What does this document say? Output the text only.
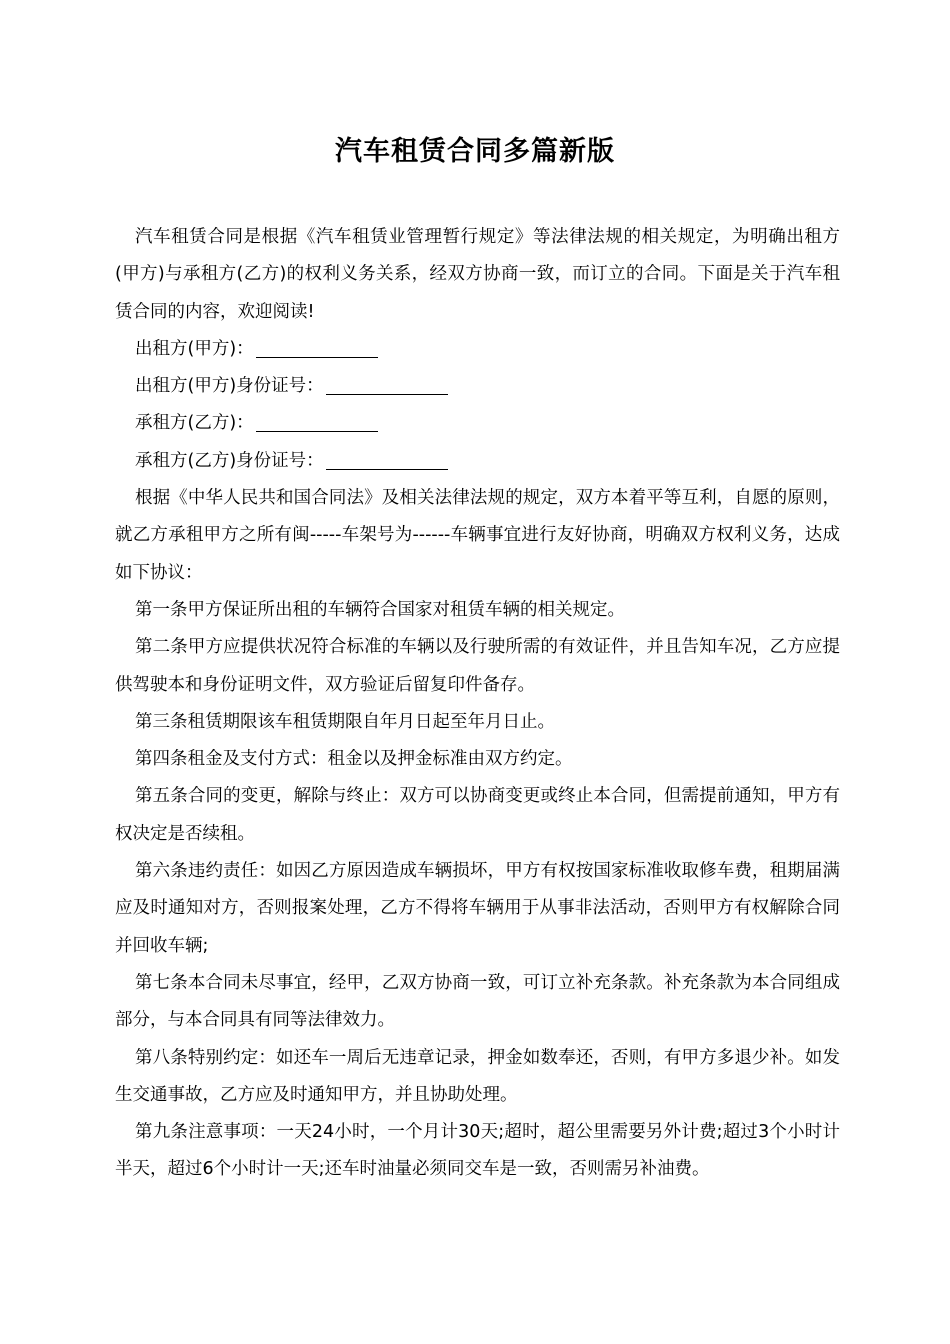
汽车租赁合同多篇新版

汽车租赁合同是根据《汽车租赁业管理暂行规定》等法律法规的相关规定，为明确出租方(甲方)与承租方(乙方)的权利义务关系，经双方协商一致，而订立的合同。下面是关于汽车租赁合同的内容，欢迎阅读!

出租方(甲方)：

出租方(甲方)身份证号：

承租方(乙方)：

承租方(乙方)身份证号：

根据《中华人民共和国合同法》及相关法律法规的规定，双方本着平等互利，自愿的原则，就乙方承租甲方之所有闽-----车架号为------车辆事宜进行友好协商，明确双方权利义务，达成如下协议：

第一条甲方保证所出租的车辆符合国家对租赁车辆的相关规定。

第二条甲方应提供状况符合标准的车辆以及行驶所需的有效证件，并且告知车况，乙方应提供驾驶本和身份证明文件，双方验证后留复印件备存。

第三条租赁期限该车租赁期限自年月日起至年月日止。

第四条租金及支付方式：租金以及押金标准由双方约定。

第五条合同的变更，解除与终止：双方可以协商变更或终止本合同，但需提前通知，甲方有权决定是否续租。

第六条违约责任：如因乙方原因造成车辆损坏，甲方有权按国家标准收取修车费，租期届满应及时通知对方，否则报案处理，乙方不得将车辆用于从事非法活动，否则甲方有权解除合同并回收车辆;

第七条本合同未尽事宜，经甲，乙双方协商一致，可订立补充条款。补充条款为本合同组成部分，与本合同具有同等法律效力。

第八条特别约定：如还车一周后无违章记录，押金如数奉还，否则，有甲方多退少补。如发生交通事故，乙方应及时通知甲方，并且协助处理。

第九条注意事项：一天24小时，一个月计30天;超时，超公里需要另外计费;超过3个小时计半天，超过6个小时计一天;还车时油量必须同交车是一致，否则需另补油费。
